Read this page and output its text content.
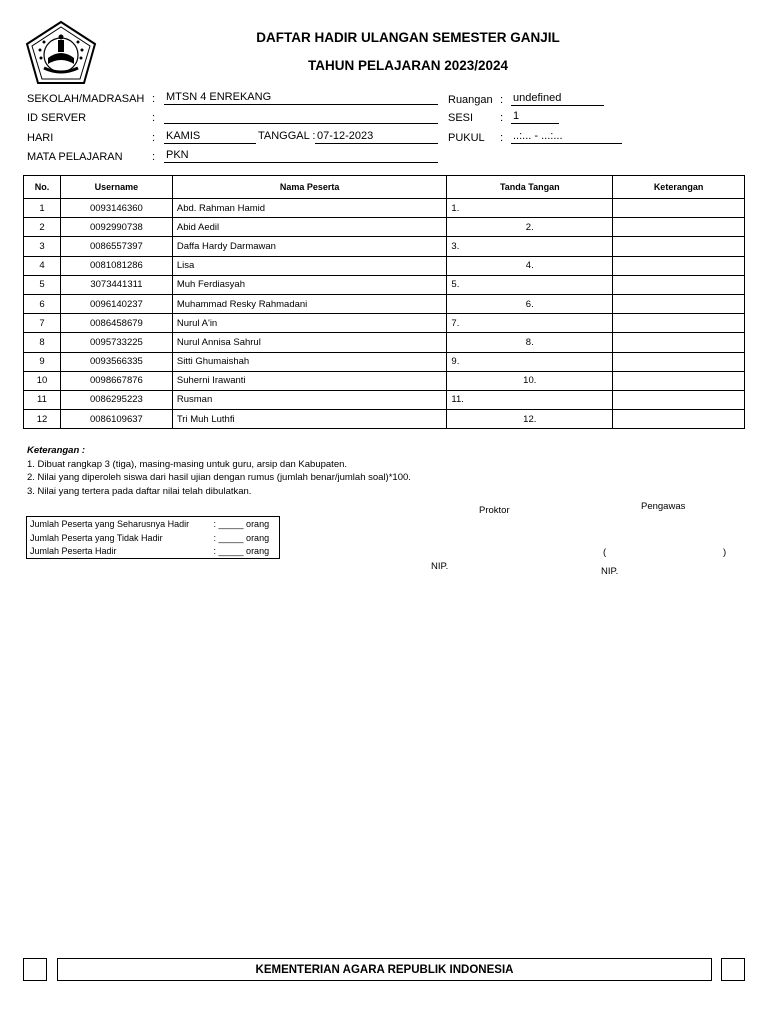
DAFTAR HADIR ULANGAN SEMESTER GANJIL
TAHUN PELAJARAN 2023/2024
SEKOLAH/MADRASAH : MTSN 4 ENREKANG
ID SERVER	:
HARI	: KAMIS	TANGGAL : 07-12-2023
MATA PELAJARAN	: PKN
Ruangan : undefined
SESI : 1
PUKUL : ..:... - ...:...
No.	Username	Nama Peserta	Tanda Tangan	Keterangan
1	0093146360	Abd. Rahman Hamid	1.	
2	0092990738	Abid Aedil	2.	
3	0086557397	Daffa Hardy Darmawan	3.	
4	0081081286	Lisa	4.	
5	3073441311	Muh Ferdiasyah	5.	
6	0096140237	Muhammad Resky Rahmadani	6.	
7	0086458679	Nurul A'in	7.	
8	0095733225	Nurul Annisa Sahrul	8.	
9	0093566335	Sitti Ghumaishah	9.	
10	0098667876	Suherni Irawanti	10.	
11	0086295223	Rusman	11.	
12	0086109637	Tri Muh Luthfi	12.	
Keterangan :
1. Dibuat rangkap 3 (tiga), masing-masing untuk guru, arsip dan Kabupaten.
2. Nilai yang diperoleh siswa dari hasil ujian dengan rumus (jumlah benar/jumlah soal)*100.
3. Nilai yang tertera pada daftar nilai telah dibulatkan.
Jumlah Peserta yang Seharusnya Hadir	: _____ orang
Jumlah Peserta yang Tidak Hadir	: _____ orang
Jumlah Peserta Hadir	: _____ orang
Proktor	Pengawas
(	)
NIP.	NIP.
KEMENTERIAN AGARA REPUBLIK INDONESIA
